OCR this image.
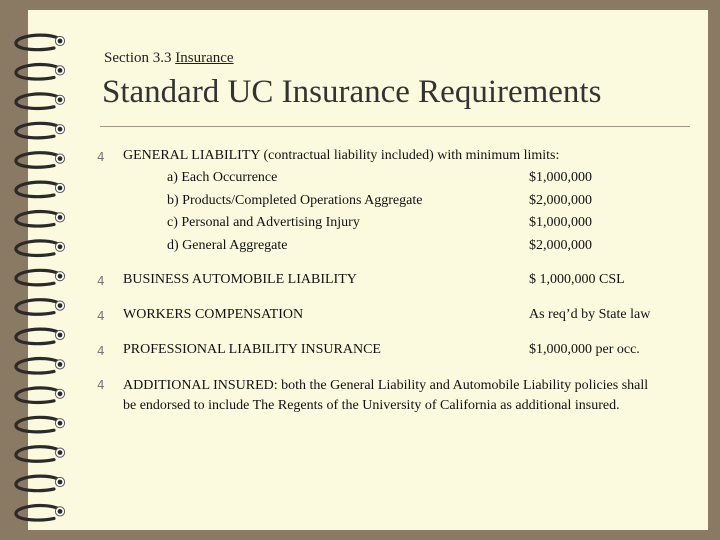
Section 3.3 Insurance
Standard UC Insurance Requirements
4 GENERAL LIABILITY (contractual liability included) with minimum limits:
a) Each Occurrence	$1,000,000
b) Products/Completed Operations Aggregate	$2,000,000
c) Personal and Advertising Injury	$1,000,000
d) General Aggregate	$2,000,000
4 BUSINESS AUTOMOBILE LIABILITY	$ 1,000,000 CSL
4 WORKERS COMPENSATION	As req’d by State law
4 PROFESSIONAL LIABILITY INSURANCE	$1,000,000 per occ.
4 ADDITIONAL INSURED: both the General Liability and Automobile Liability policies shall be endorsed to include The Regents of the University of California as additional insured.
